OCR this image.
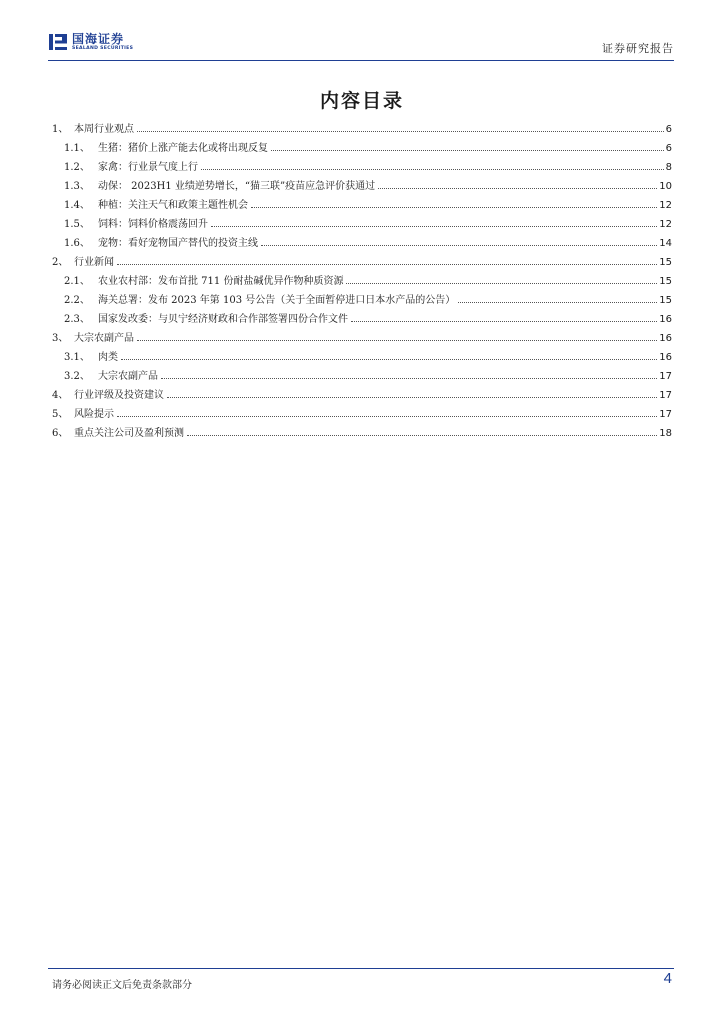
国海证券
SEALAND SECURITIES	证券研究报告
内容目录
1、 本周行业观点	6
1.1、 生猪：猪价上涨产能去化或将出现反复	6
1.2、 家禽：行业景气度上行	8
1.3、 动保： 2023H1 业绩逆势增长，“猫三联”疫苗应急评价获通过	10
1.4、 种植：关注天气和政策主题性机会	12
1.5、 饲料：饲料价格震荡回升	12
1.6、 宠物：看好宠物国产替代的投资主线	14
2、 行业新闻	15
2.1、 农业农村部：发布首批 711 份耐盐碱优异作物种质资源	15
2.2、 海关总署：发布 2023 年第 103 号公告（关于全面暂停进口日本水产品的公告）	15
2.3、 国家发改委：与贝宁经济财政和合作部签署四份合作文件	16
3、 大宗农副产品	16
3.1、 肉类	16
3.2、 大宗农副产品	17
4、 行业评级及投资建议	17
5、 风险提示	17
6、 重点关注公司及盈利预测	18
请务必阅读正文后免责条款部分	4
